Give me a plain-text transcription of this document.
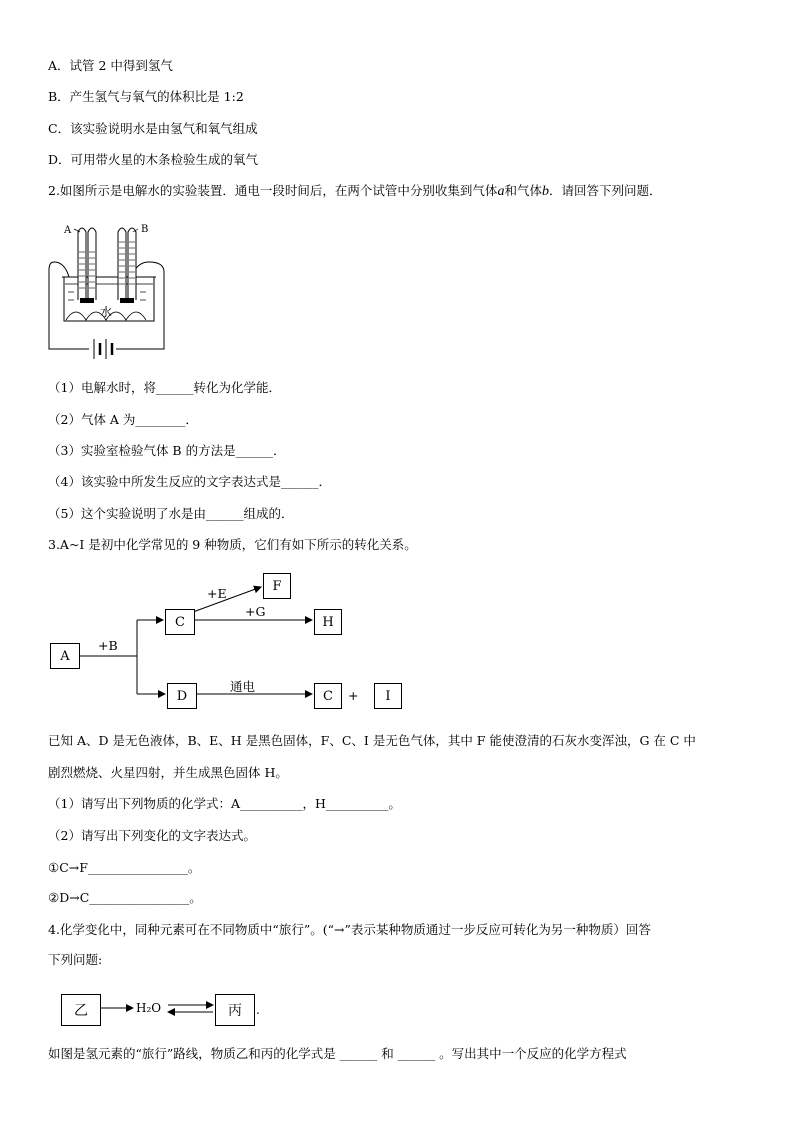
A．试管 2 中得到氢气
B．产生氢气与氧气的体积比是 1:2
C．该实验说明水是由氢气和氧气组成
D．可用带火星的木条检验生成的氧气
2.如图所示是电解水的实验装置．通电一段时间后，在两个试管中分别收集到气体a和气体b．请回答下列问题．
A	B
水
（1）电解水时，将______转化为化学能．
（2）气体 A 为________．
（3）实验室检验气体 B 的方法是______．
（4）该实验中所发生反应的文字表达式是______．
（5）这个实验说明了水是由______组成的．
3.A~I 是初中化学常见的 9 种物质，它们有如下所示的转化关系。
A
+B
C
D
+E	F
+G
H
通电
C	+	I
已知 A、D 是无色液体，B、E、H 是黑色固体，F、C、I 是无色气体，其中 F 能使澄清的石灰水变浑浊，G 在 C 中
剧烈燃烧、火星四射，并生成黑色固体 H。
（1）请写出下列物质的化学式：A__________，H__________。
（2）请写出下列变化的文字表达式。
①C→F________________。
②D→C________________。
4.化学变化中，同种元素可在不同物质中“旅行”。(“→”表示某种物质通过一步反应可转化为另一种物质）回答
下列问题:
乙	丙
H₂O	.
如图是氢元素的“旅行”路线，物质乙和丙的化学式是 ______ 和 ______ 。写出其中一个反应的化学方程式
